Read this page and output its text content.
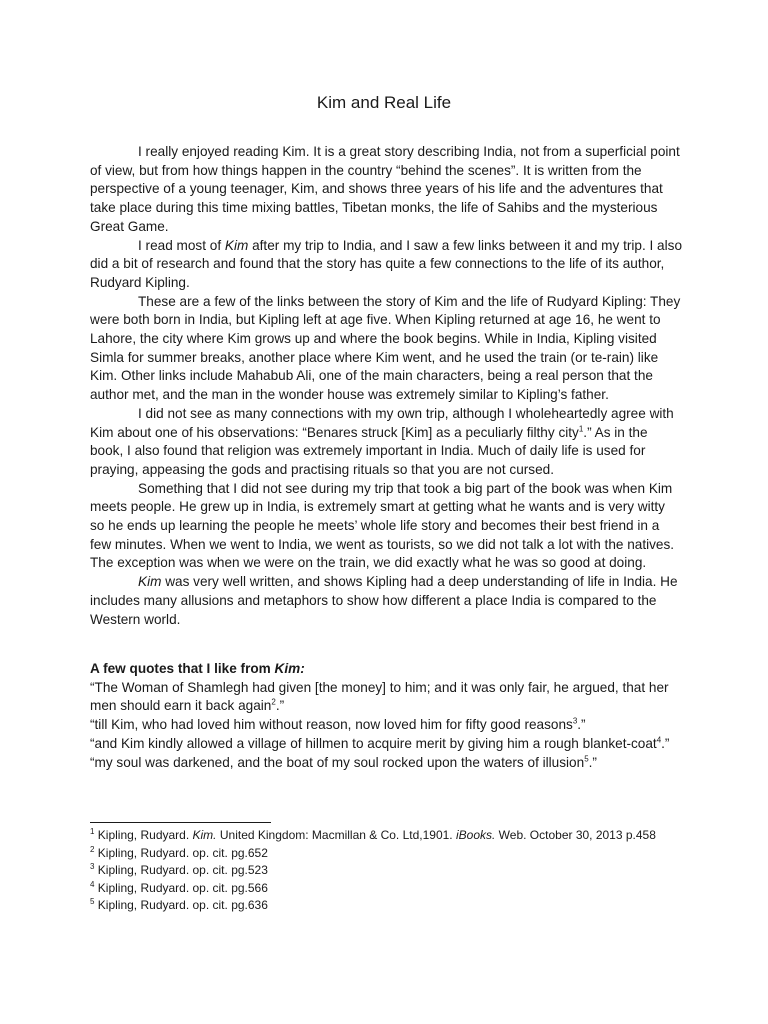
Kim and Real Life

I really enjoyed reading Kim. It is a great story describing India, not from a superficial point of view, but from how things happen in the country “behind the scenes”. It is written from the perspective of a young teenager, Kim, and shows three years of his life and the adventures that take place during this time mixing battles, Tibetan monks, the life of Sahibs and the mysterious Great Game.

I read most of Kim after my trip to India, and I saw a few links between it and my trip. I also did a bit of research and found that the story has quite a few connections to the life of its author, Rudyard Kipling.

These are a few of the links between the story of Kim and the life of Rudyard Kipling: They were both born in India, but Kipling left at age five. When Kipling returned at age 16, he went to Lahore, the city where Kim grows up and where the book begins. While in India, Kipling visited Simla for summer breaks, another place where Kim went, and he used the train (or te-rain) like Kim. Other links include Mahabub Ali, one of the main characters, being a real person that the author met, and the man in the wonder house was extremely similar to Kipling’s father.

I did not see as many connections with my own trip, although I wholeheartedly agree with Kim about one of his observations: “Benares struck [Kim] as a peculiarly filthy city$^1$.” As in the book, I also found that religion was extremely important in India. Much of daily life is used for praying, appeasing the gods and practising rituals so that you are not cursed.

Something that I did not see during my trip that took a big part of the book was when Kim meets people. He grew up in India, is extremely smart at getting what he wants and is very witty so he ends up learning the people he meets’ whole life story and becomes their best friend in a few minutes. When we went to India, we went as tourists, so we did not talk a lot with the natives. The exception was when we were on the train, we did exactly what he was so good at doing.

Kim was very well written, and shows Kipling had a deep understanding of life in India. He includes many allusions and metaphors to show how different a place India is compared to the Western world.

A few quotes that I like from Kim:

“The Woman of Shamlegh had given [the money] to him; and it was only fair, he argued, that her men should earn it back again$^2$.”

“till Kim, who had loved him without reason, now loved him for fifty good reasons$^3$.”

“and Kim kindly allowed a village of hillmen to acquire merit by giving him a rough blanket-coat$^4$.”

“my soul was darkened, and the boat of my soul rocked upon the waters of illusion$^5$.”

$^1$ Kipling, Rudyard. Kim. United Kingdom: Macmillan & Co. Ltd,1901. iBooks. Web. October 30, 2013 p.458

$^2$ Kipling, Rudyard. op. cit. pg.652

$^3$ Kipling, Rudyard. op. cit. pg.523

$^4$ Kipling, Rudyard. op. cit. pg.566

$^5$ Kipling, Rudyard. op. cit. pg.636
